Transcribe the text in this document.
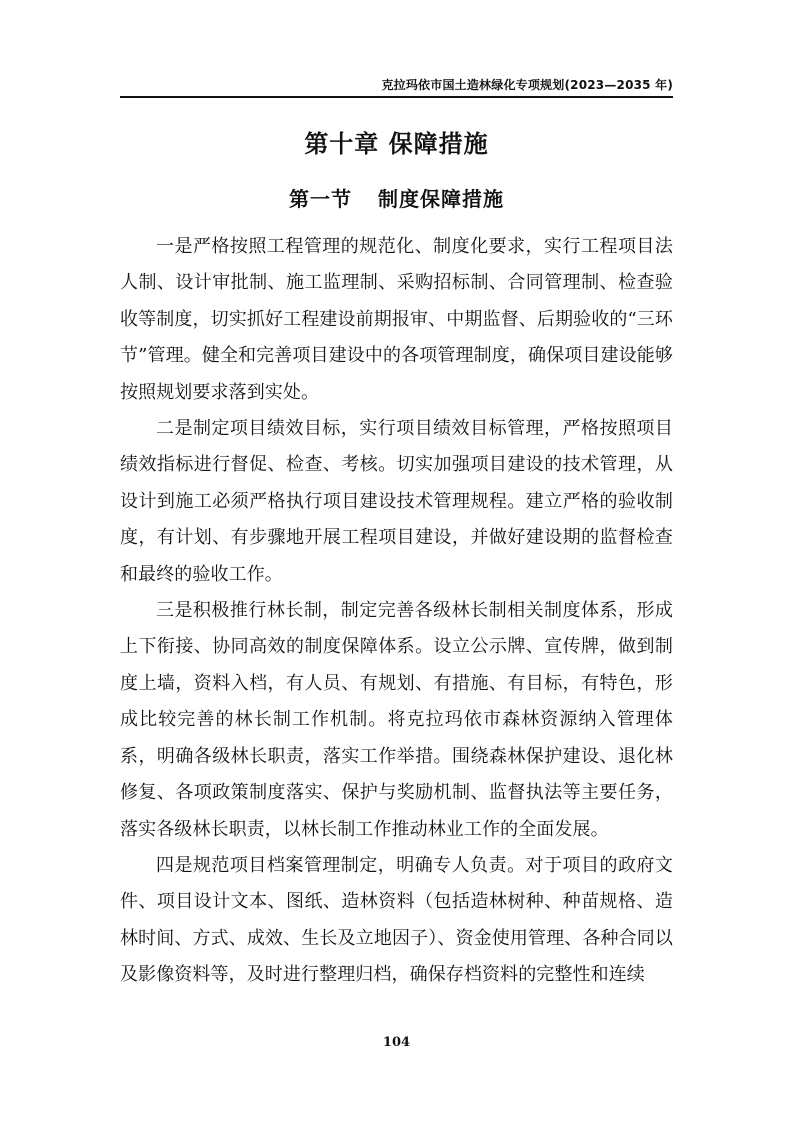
克拉玛依市国土造林绿化专项规划(2023—2035 年)
第十章 保障措施
第一节 制度保障措施

一是严格按照工程管理的规范化、制度化要求，实行工程项目法人制、设计审批制、施工监理制、采购招标制、合同管理制、检查验收等制度，切实抓好工程建设前期报审、中期监督、后期验收的“三环节”管理。健全和完善项目建设中的各项管理制度，确保项目建设能够按照规划要求落到实处。

二是制定项目绩效目标，实行项目绩效目标管理，严格按照项目绩效指标进行督促、检查、考核。切实加强项目建设的技术管理，从设计到施工必须严格执行项目建设技术管理规程。建立严格的验收制度，有计划、有步骤地开展工程项目建设，并做好建设期的监督检查和最终的验收工作。

三是积极推行林长制，制定完善各级林长制相关制度体系，形成上下衔接、协同高效的制度保障体系。设立公示牌、宣传牌，做到制度上墙，资料入档，有人员、有规划、有措施、有目标，有特色，形成比较完善的林长制工作机制。将克拉玛依市森林资源纳入管理体系，明确各级林长职责，落实工作举措。围绕森林保护建设、退化林修复、各项政策制度落实、保护与奖励机制、监督执法等主要任务，落实各级林长职责，以林长制工作推动林业工作的全面发展。

四是规范项目档案管理制定，明确专人负责。对于项目的政府文件、项目设计文本、图纸、造林资料（包括造林树种、种苗规格、造林时间、方式、成效、生长及立地因子）、资金使用管理、各种合同以及影像资料等，及时进行整理归档，确保存档资料的完整性和连续

104
